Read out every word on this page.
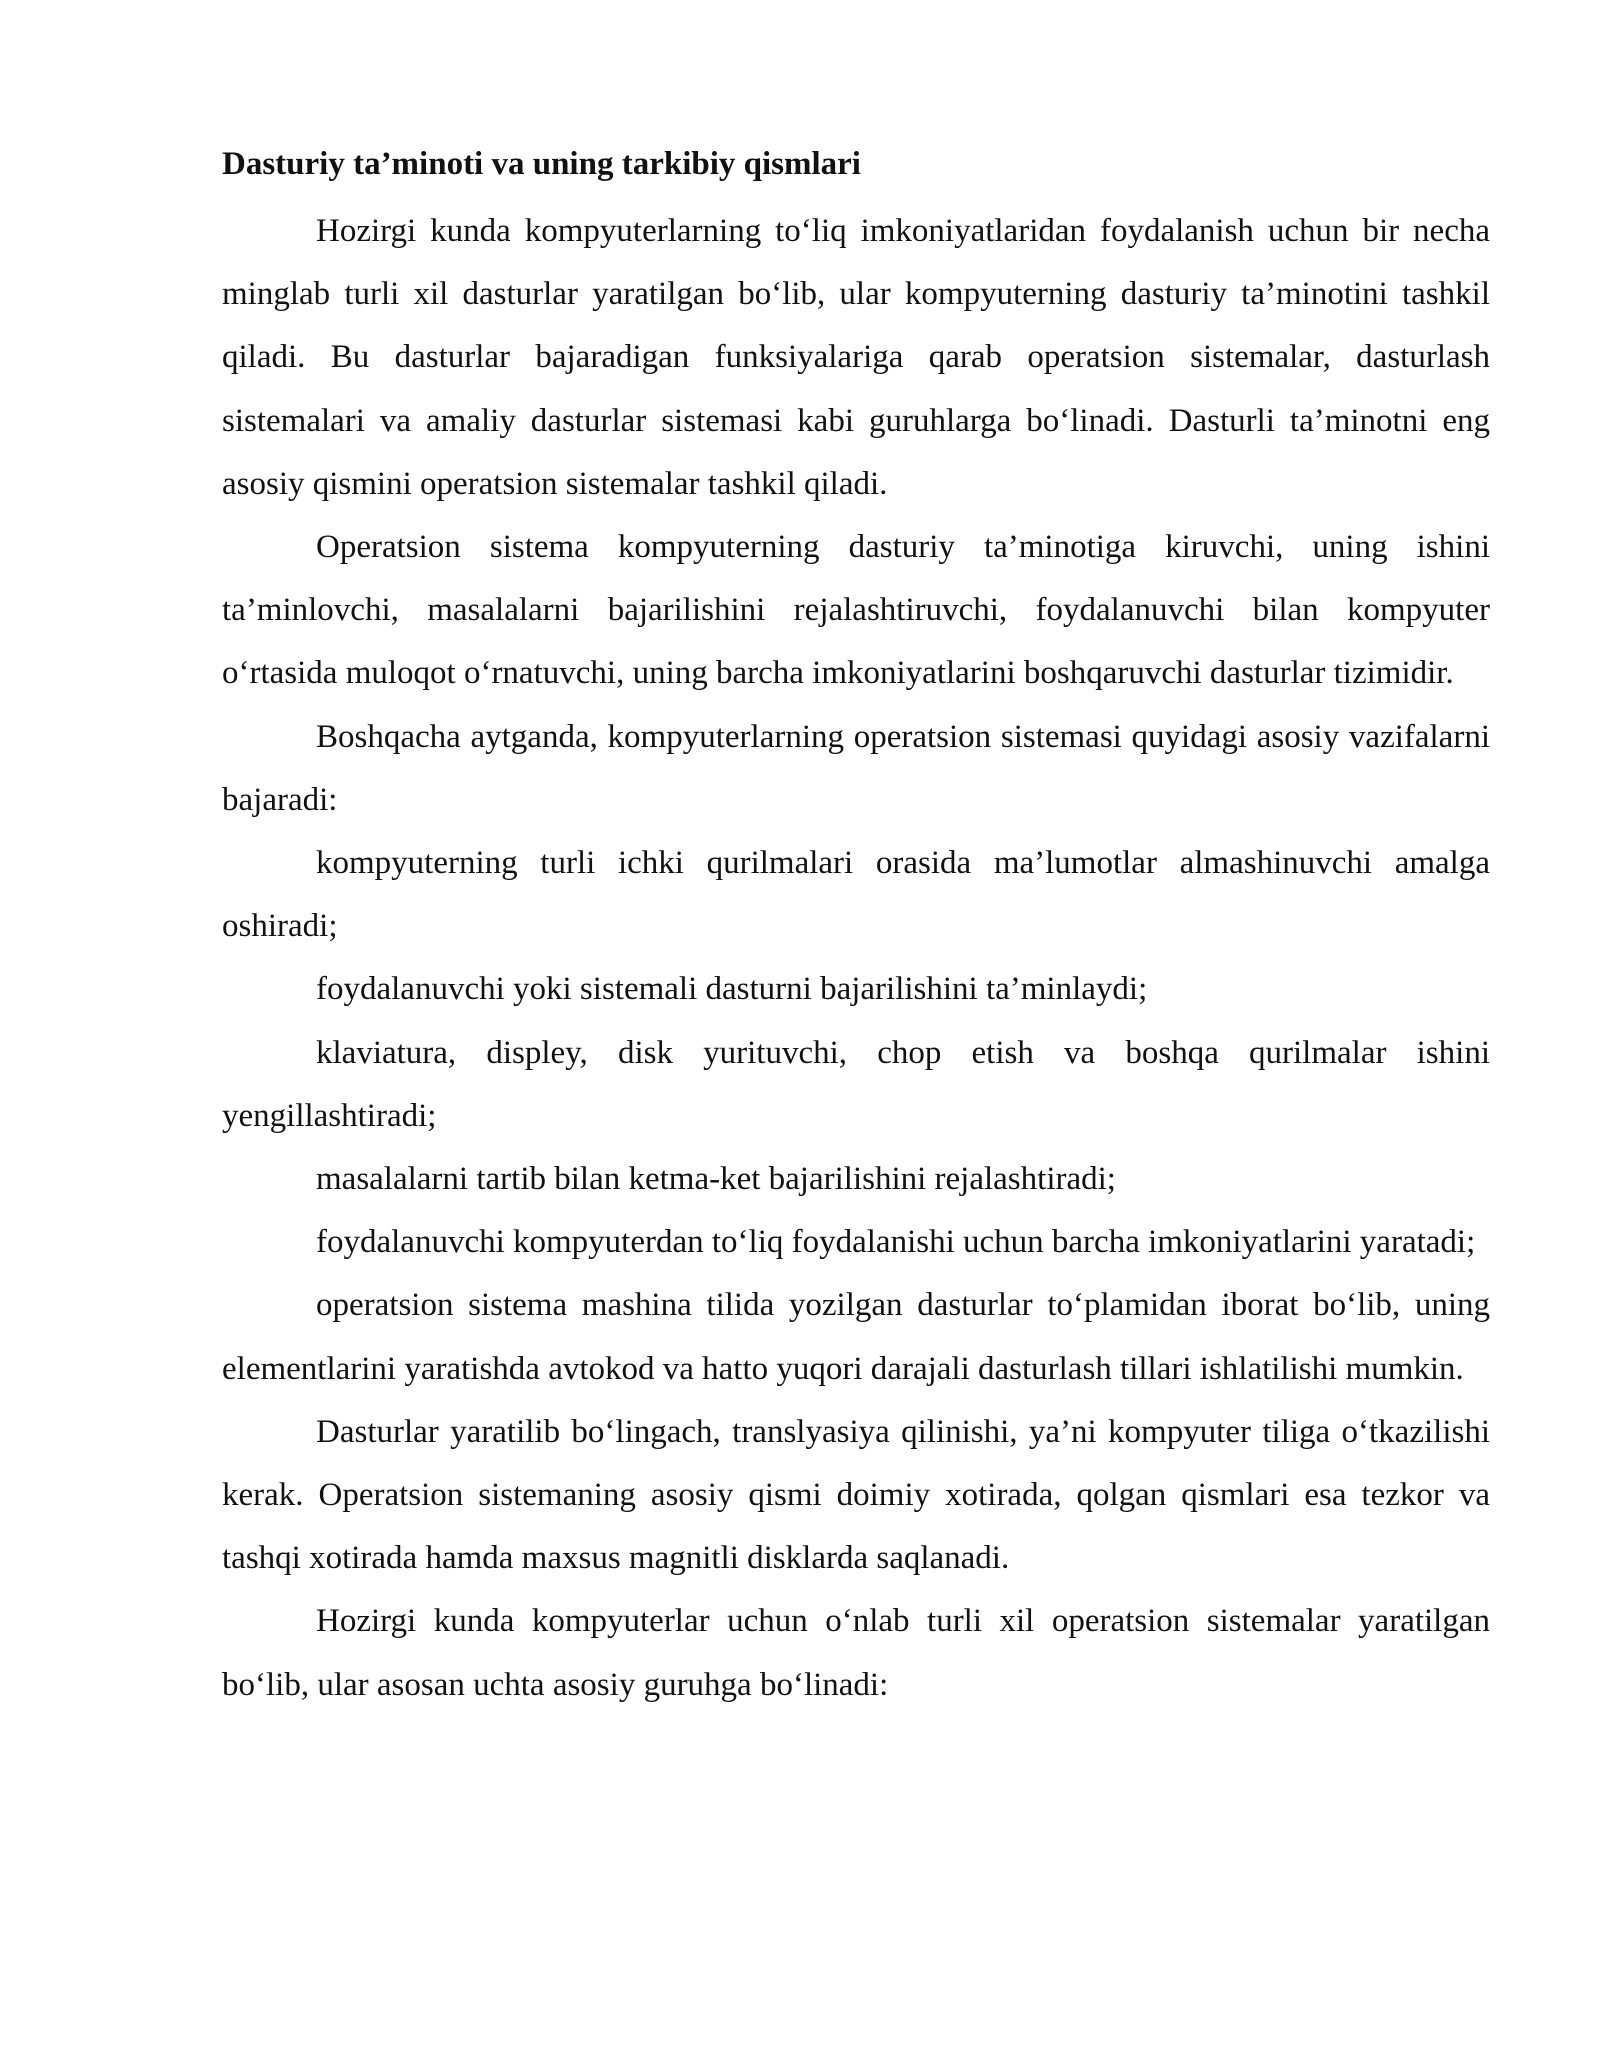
Dasturiy ta’minoti va uning tarkibiy qismlari

Hozirgi kunda kompyuterlarning to‘liq imkoniyatlaridan foydalanish uchun bir necha minglab turli xil dasturlar yaratilgan bo‘lib, ular kompyuterning dasturiy ta’minotini tashkil qiladi. Bu dasturlar bajaradigan funksiyalariga qarab operatsion sistemalar, dasturlash sistemalari va amaliy dasturlar sistemasi kabi guruhlarga bo‘linadi. Dasturli ta’minotni eng asosiy qismini operatsion sistemalar tashkil qiladi.

Operatsion sistema kompyuterning dasturiy ta’minotiga kiruvchi, uning ishini ta’minlovchi, masalalarni bajarilishini rejalashtiruvchi, foydalanuvchi bilan kompyuter o‘rtasida muloqot o‘rnatuvchi, uning barcha imkoniyatlarini boshqaruvchi dasturlar tizimidir.

Boshqacha aytganda, kompyuterlarning operatsion sistemasi quyidagi asosiy vazifalarni bajaradi:

kompyuterning turli ichki qurilmalari orasida ma’lumotlar almashinuvchi amalga oshiradi;

foydalanuvchi yoki sistemali dasturni bajarilishini ta’minlaydi;

klaviatura, displey, disk yurituvchi, chop etish va boshqa qurilmalar ishini yengillashtiradi;

masalalarni tartib bilan ketma-ket bajarilishini rejalashtiradi;

foydalanuvchi kompyuterdan to‘liq foydalanishi uchun barcha imkoniyatlarini yaratadi;

operatsion sistema mashina tilida yozilgan dasturlar to‘plamidan iborat bo‘lib, uning elementlarini yaratishda avtokod va hatto yuqori darajali dasturlash tillari ishlatilishi mumkin.

Dasturlar yaratilib bo‘lingach, translyasiya qilinishi, ya’ni kompyuter tiliga o‘tkazilishi kerak. Operatsion sistemaning asosiy qismi doimiy xotirada, qolgan qismlari esa tezkor va tashqi xotirada hamda maxsus magnitli disklarda saqlanadi.

Hozirgi kunda kompyuterlar uchun o‘nlab turli xil operatsion sistemalar yaratilgan bo‘lib, ular asosan uchta asosiy guruhga bo‘linadi:
